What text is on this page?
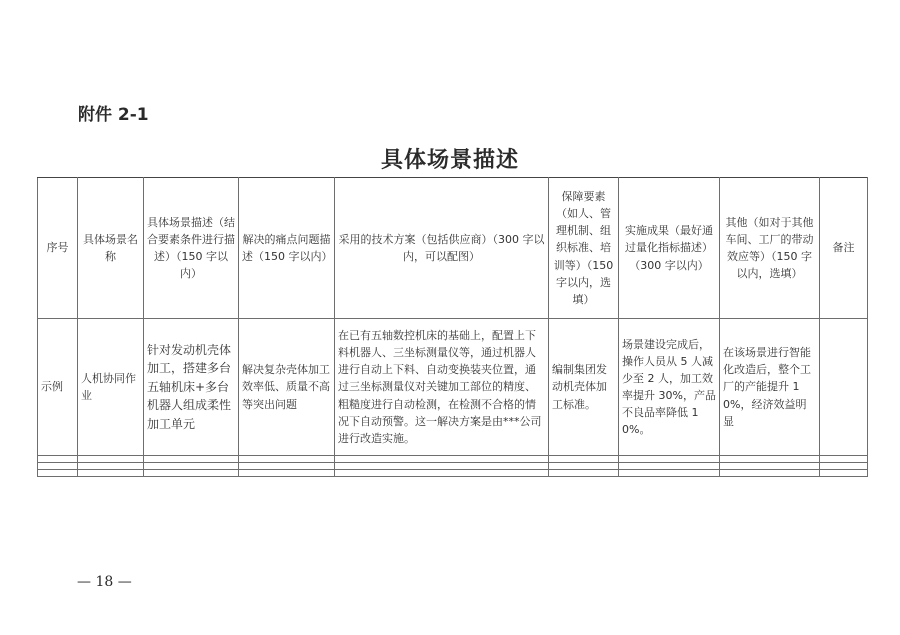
附件 2-1
具体场景描述
序号	具体场景名称	具体场景描述（结合要素条件进行描述）（150 字以内）	解决的痛点问题描述（150 字以内）	采用的技术方案（包括供应商）（300 字以内，可以配图）	保障要素（如人、管理机制、组织标准、培训等）（150 字以内，选填）	实施成果（最好通过量化指标描述）（300 字以内）	其他（如对于其他车间、工厂的带动效应等）（150 字以内，选填）	备注
示例	人机协同作业	针对发动机壳体加工，搭建多台五轴机床+多台机器人组成柔性加工单元	解决复杂壳体加工效率低、质量不高等突出问题	在已有五轴数控机床的基础上，配置上下料机器人、三坐标测量仪等，通过机器人进行自动上下料、自动变换装夹位置，通过三坐标测量仪对关键加工部位的精度、粗糙度进行自动检测，在检测不合格的情况下自动预警。这一解决方案是由***公司进行改造实施。	编制集团发动机壳体加工标准。	场景建设完成后，操作人员从 5 人减少至 2 人，加工效率提升 30%，产品不良品率降低 10%。	在该场景进行智能化改造后，整个工厂的产能提升 10%，经济效益明显	

— 18 —
